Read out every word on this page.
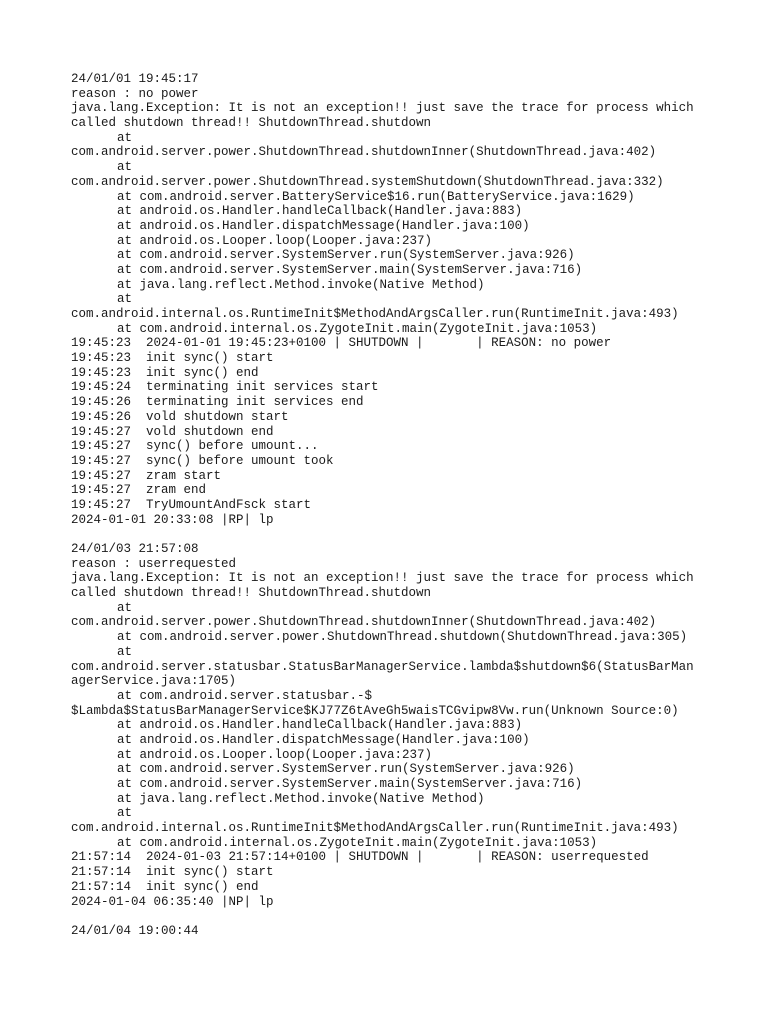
24/01/01 19:45:17
reason : no power
java.lang.Exception: It is not an exception!! just save the trace for process which
called shutdown thread!! ShutdownThread.shutdown
at
com.android.server.power.ShutdownThread.shutdownInner(ShutdownThread.java:402)
at
com.android.server.power.ShutdownThread.systemShutdown(ShutdownThread.java:332)
at com.android.server.BatteryService$16.run(BatteryService.java:1629)
at android.os.Handler.handleCallback(Handler.java:883)
at android.os.Handler.dispatchMessage(Handler.java:100)
at android.os.Looper.loop(Looper.java:237)
at com.android.server.SystemServer.run(SystemServer.java:926)
at com.android.server.SystemServer.main(SystemServer.java:716)
at java.lang.reflect.Method.invoke(Native Method)
at
com.android.internal.os.RuntimeInit$MethodAndArgsCaller.run(RuntimeInit.java:493)
at com.android.internal.os.ZygoteInit.main(ZygoteInit.java:1053)
19:45:23  2024-01-01 19:45:23+0100 | SHUTDOWN |       | REASON: no power
19:45:23  init sync() start
19:45:23  init sync() end
19:45:24  terminating init services start
19:45:26  terminating init services end
19:45:26  vold shutdown start
19:45:27  vold shutdown end
19:45:27  sync() before umount...
19:45:27  sync() before umount took
19:45:27  zram start
19:45:27  zram end
19:45:27  TryUmountAndFsck start
2024-01-01 20:33:08 |RP| lp
24/01/03 21:57:08
reason : userrequested
java.lang.Exception: It is not an exception!! just save the trace for process which
called shutdown thread!! ShutdownThread.shutdown
at
com.android.server.power.ShutdownThread.shutdownInner(ShutdownThread.java:402)
at com.android.server.power.ShutdownThread.shutdown(ShutdownThread.java:305)
at
com.android.server.statusbar.StatusBarManagerService.lambda$shutdown$6(StatusBarMan
agerService.java:1705)
at com.android.server.statusbar.-$
$Lambda$StatusBarManagerService$KJ77Z6tAveGh5waisTCGvipw8Vw.run(Unknown Source:0)
at android.os.Handler.handleCallback(Handler.java:883)
at android.os.Handler.dispatchMessage(Handler.java:100)
at android.os.Looper.loop(Looper.java:237)
at com.android.server.SystemServer.run(SystemServer.java:926)
at com.android.server.SystemServer.main(SystemServer.java:716)
at java.lang.reflect.Method.invoke(Native Method)
at
com.android.internal.os.RuntimeInit$MethodAndArgsCaller.run(RuntimeInit.java:493)
at com.android.internal.os.ZygoteInit.main(ZygoteInit.java:1053)
21:57:14  2024-01-03 21:57:14+0100 | SHUTDOWN |       | REASON: userrequested
21:57:14  init sync() start
21:57:14  init sync() end
2024-01-04 06:35:40 |NP| lp
24/01/04 19:00:44
